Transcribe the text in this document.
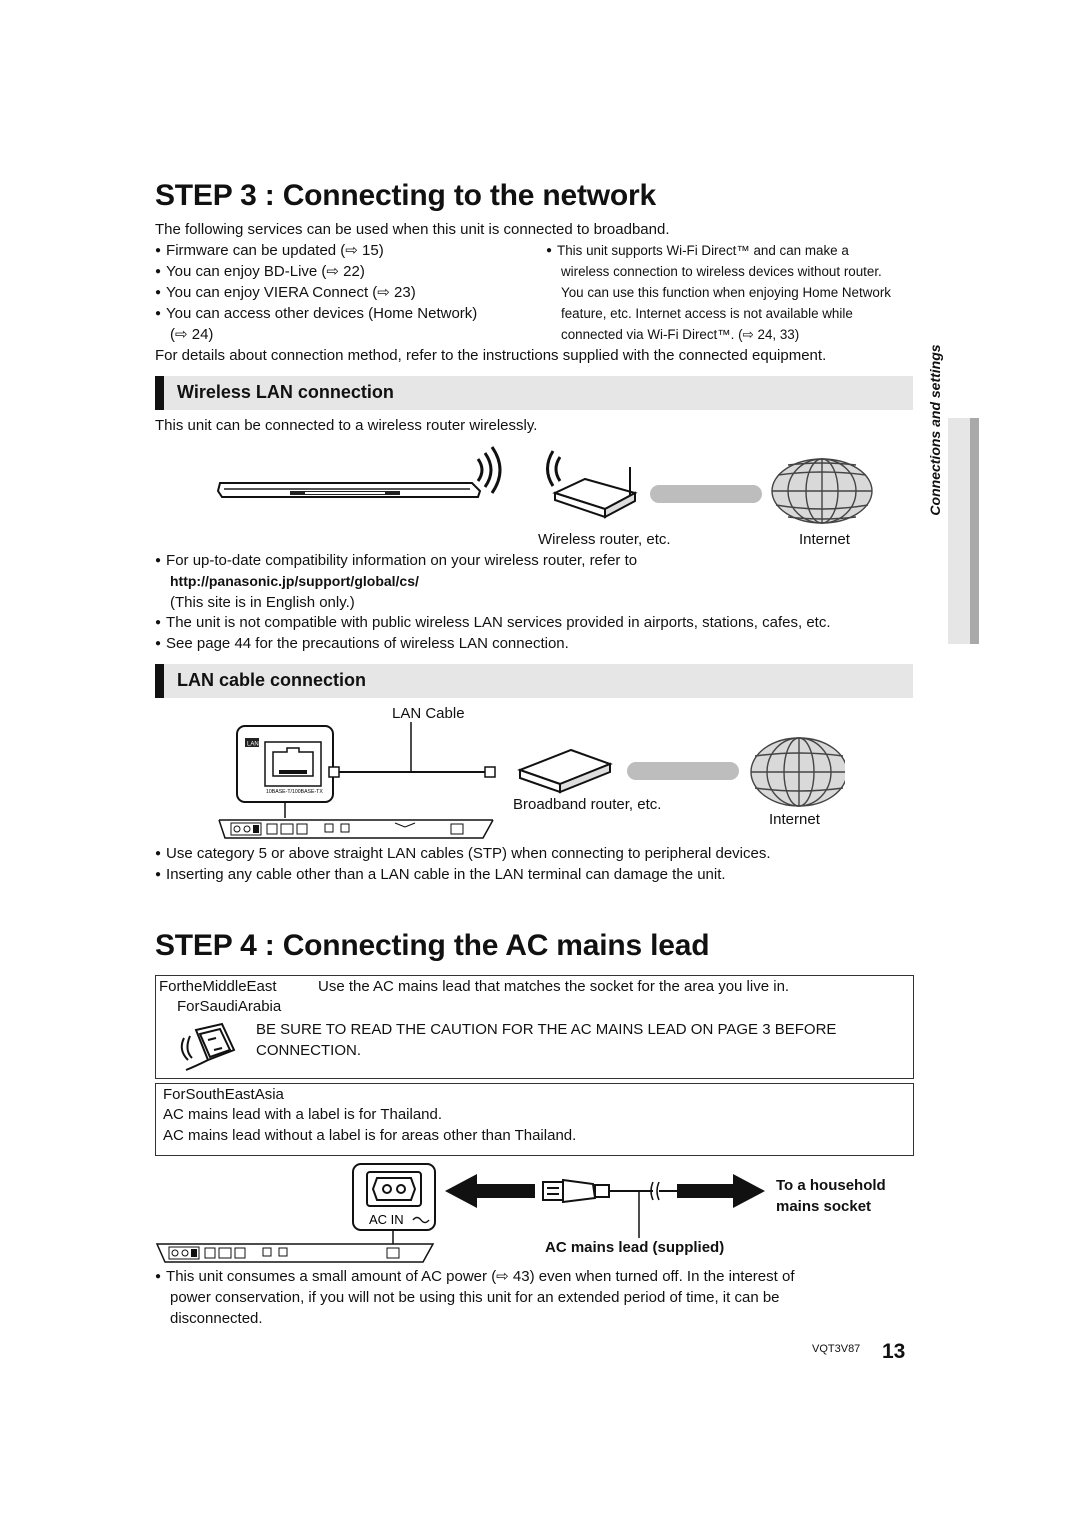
STEP 3 : Connecting to the network
The following services can be used when this unit is connected to broadband.
● Firmware can be updated (⇨ 15)
● You can enjoy BD-Live (⇨ 22)
● You can enjoy VIERA Connect (⇨ 23)
● You can access other devices (Home Network)
(⇨ 24)
● This unit supports Wi-Fi Direct™ and can make a
wireless connection to wireless devices without router.
You can use this function when enjoying Home Network
feature, etc. Internet access is not available while
connected via Wi-Fi Direct™. (⇨ 24, 33)
For details about connection method, refer to the instructions supplied with the connected equipment.
Wireless LAN connection
This unit can be connected to a wireless router wirelessly.
Wireless router, etc.	Internet
● For up-to-date compatibility information on your wireless router, refer to
http://panasonic.jp/support/global/cs/
(This site is in English only.)
● The unit is not compatible with public wireless LAN services provided in airports, stations, cafes, etc.
● See page 44 for the precautions of wireless LAN connection.
Connections and settings
LAN cable connection
LAN Cable
LAN
10BASE-T/100BASE-TX
Broadband router, etc.
Internet
● Use category 5 or above straight LAN cables (STP) when connecting to peripheral devices.
● Inserting any cable other than a LAN cable in the LAN terminal can damage the unit.
STEP 4 : Connecting the AC mains lead
FortheMiddleEast	Use the AC mains lead that matches the socket for the area you live in.
ForSaudiArabia
BE SURE TO READ THE CAUTION FOR THE AC MAINS LEAD ON PAGE 3 BEFORE
CONNECTION.
ForSouthEastAsia
AC mains lead with a label is for Thailand.
AC mains lead without a label is for areas other than Thailand.
AC IN
To a household
mains socket
AC mains lead (supplied)
● This unit consumes a small amount of AC power (⇨ 43) even when turned off. In the interest of
power conservation, if you will not be using this unit for an extended period of time, it can be
disconnected.
VQT3V87 13
